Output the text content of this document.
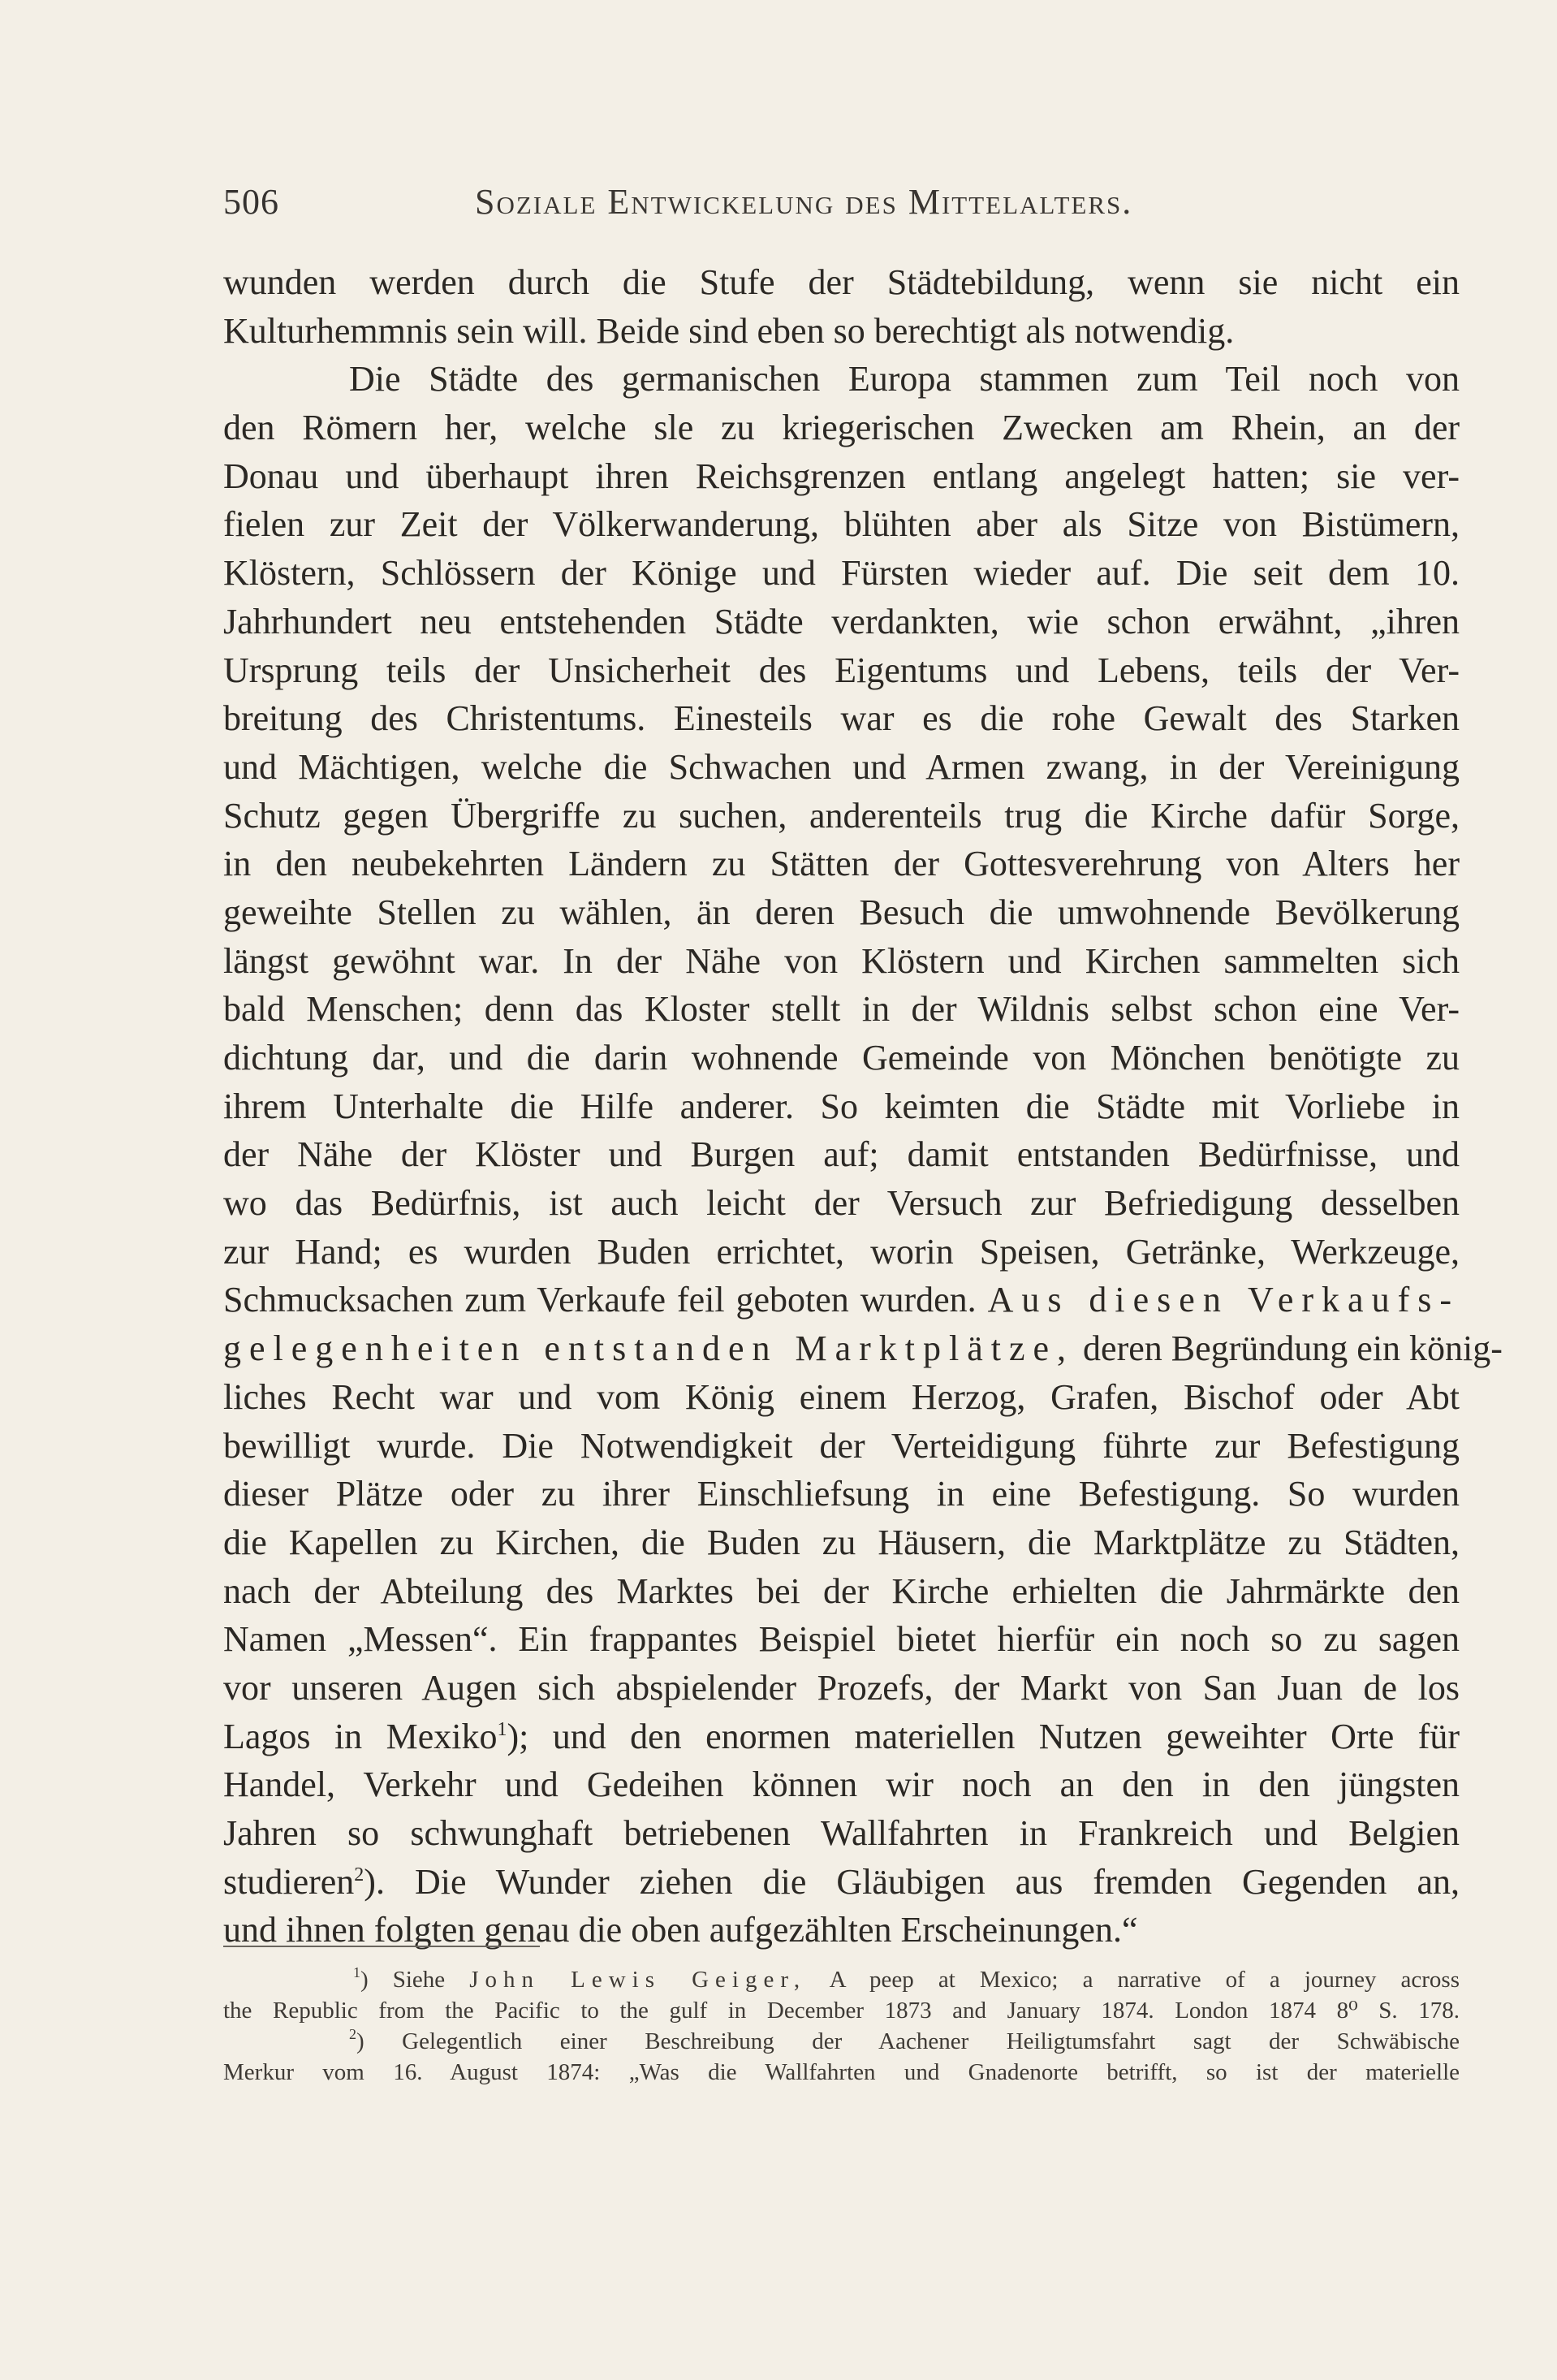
506	Soziale Entwickelung des Mittelalters.
wunden werden durch die Stufe der Städtebildung, wenn sie nicht ein
Kulturhemmnis sein will. Beide sind eben so berechtigt als notwendig.
Die Städte des germanischen Europa stammen zum Teil noch von
den Römern her, welche sle zu kriegerischen Zwecken am Rhein, an der
Donau und überhaupt ihren Reichsgrenzen entlang angelegt hatten; sie ver-
fielen zur Zeit der Völkerwanderung, blühten aber als Sitze von Bistümern,
Klöstern, Schlössern der Könige und Fürsten wieder auf. Die seit dem 10.
Jahrhundert neu entstehenden Städte verdankten, wie schon erwähnt, „ihren
Ursprung teils der Unsicherheit des Eigentums und Lebens, teils der Ver-
breitung des Christentums. Einesteils war es die rohe Gewalt des Starken
und Mächtigen, welche die Schwachen und Armen zwang, in der Vereinigung
Schutz gegen Übergriffe zu suchen, anderenteils trug die Kirche dafür Sorge,
in den neubekehrten Ländern zu Stätten der Gottesverehrung von Alters her
geweihte Stellen zu wählen, än deren Besuch die umwohnende Bevölkerung
längst gewöhnt war. In der Nähe von Klöstern und Kirchen sammelten sich
bald Menschen; denn das Kloster stellt in der Wildnis selbst schon eine Ver-
dichtung dar, und die darin wohnende Gemeinde von Mönchen benötigte zu
ihrem Unterhalte die Hilfe anderer. So keimten die Städte mit Vorliebe in
der Nähe der Klöster und Burgen auf; damit entstanden Bedürfnisse, und
wo das Bedürfnis, ist auch leicht der Versuch zur Befriedigung desselben
zur Hand; es wurden Buden errichtet, worin Speisen, Getränke, Werkzeuge,
Schmucksachen zum Verkaufe feil geboten wurden. Aus diesen Verkaufs-
gelegenheiten entstanden Marktplätze, deren Begründung ein könig-
liches Recht war und vom König einem Herzog, Grafen, Bischof oder Abt
bewilligt wurde. Die Notwendigkeit der Verteidigung führte zur Befestigung
dieser Plätze oder zu ihrer Einschliefsung in eine Befestigung. So wurden
die Kapellen zu Kirchen, die Buden zu Häusern, die Marktplätze zu Städten,
nach der Abteilung des Marktes bei der Kirche erhielten die Jahrmärkte den
Namen „Messen“. Ein frappantes Beispiel bietet hierfür ein noch so zu sagen
vor unseren Augen sich abspielender Prozefs, der Markt von San Juan de los
Lagos in Mexiko$^1$); und den enormen materiellen Nutzen geweihter Orte für
Handel, Verkehr und Gedeihen können wir noch an den in den jüngsten
Jahren so schwunghaft betriebenen Wallfahrten in Frankreich und Belgien
studieren$^2$). Die Wunder ziehen die Gläubigen aus fremden Gegenden an,
und ihnen folgten genau die oben aufgezählten Erscheinungen.“
$^1$) Siehe John Lewis Geiger, A peep at Mexico; a narrative of a journey across
the Republic from the Pacific to the gulf in December 1873 and January 1874. London 1874 8⁰ S. 178.
$^2$) Gelegentlich einer Beschreibung der Aachener Heiligtumsfahrt sagt der Schwäbische
Merkur vom 16. August 1874: „Was die Wallfahrten und Gnadenorte betrifft, so ist der materielle
